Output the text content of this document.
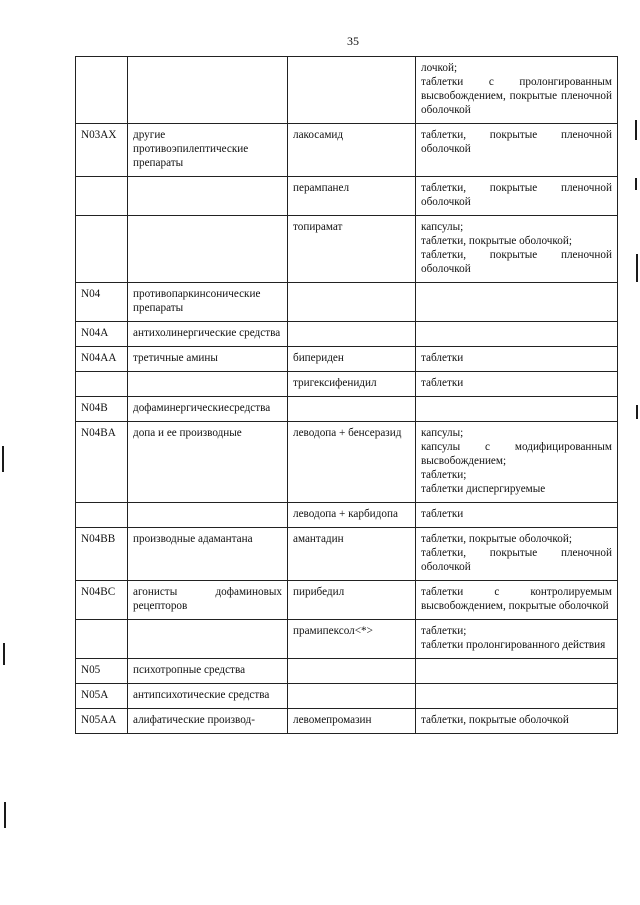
35

			лочкой;
таблетки с пролонгированным высвобождением, покрытые пленочной оболочкой

N03AX	другие противоэпилептические препараты	лакосамид	таблетки, покрытые пленочной оболочкой

		перампанел	таблетки, покрытые пленочной оболочкой

		топирамат	капсулы;
таблетки, покрытые оболочкой;
таблетки, покрытые пленочной оболочкой

N04	противопаркинсонические препараты		
N04A	антихолинергические средства		
N04AA	третичные амины	бипериден	таблетки

		тригексифенидил	таблетки

N04B	дофаминергическиесредства		
N04BA	допа и ее производные	леводопа + бенсеразид	капсулы;
капсулы с модифицированным высвобождением;
таблетки;
таблетки диспергируемые

		леводопа + карбидопа	таблетки

N04BB	производные адамантана	амантадин	таблетки, покрытые оболочкой;
таблетки, покрытые пленочной оболочкой

N04BC	агонисты дофаминовых рецепторов	пирибедил	таблетки с контролируемым высвобождением, покрытые оболочкой

		прамипексол<*>	таблетки;
таблетки пролонгированного действия

N05	психотропные средства		
N05A	антипсихотические средства		
N05AA	алифатические производ-	левомепромазин	таблетки, покрытые оболочкой
